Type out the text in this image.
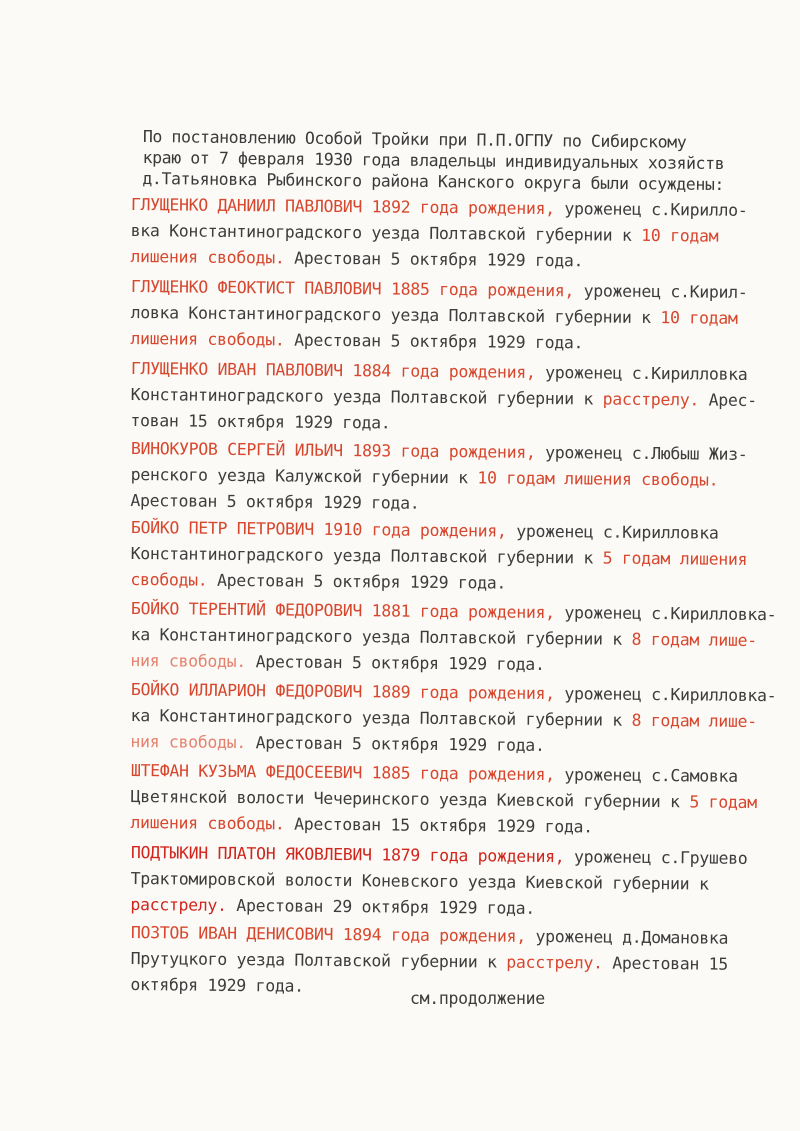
По постановлению Особой Тройки при П.П.ОГПУ по Сибирскому
краю от 7 февраля 1930 года владельцы индивидуальных хозяйств
д.Татьяновка Рыбинского района Канского округа были осуждены:
ГЛУЩЕНКО ДАНИИЛ ПАВЛОВИЧ 1892 года рождения, уроженец с.Кирилло-
вка Константиноградского уезда Полтавской губернии к 10 годам
лишения свободы. Арестован 5 октября 1929 года.
ГЛУЩЕНКО ФЕОКТИСТ ПАВЛОВИЧ 1885 года рождения, уроженец с.Кирил-
ловка Константиноградского уезда Полтавской губернии к 10 годам
лишения свободы. Арестован 5 октября 1929 года.
ГЛУЩЕНКО ИВАН ПАВЛОВИЧ 1884 года рождения, уроженец с.Кирилловка
Константиноградского уезда Полтавской губернии к расстрелу. Арес-
тован 15 октября 1929 года.
ВИНОКУРОВ СЕРГЕЙ ИЛЬИЧ 1893 года рождения, уроженец с.Любыш Жиз-
ренского уезда Калужской губернии к 10 годам лишения свободы.
Арестован 5 октября 1929 года.
БОЙКО ПЕТР ПЕТРОВИЧ 1910 года рождения, уроженец с.Кирилловка
Константиноградского уезда Полтавской губернии к 5 годам лишения
свободы. Арестован 5 октября 1929 года.
БОЙКО ТЕРЕНТИЙ ФЕДОРОВИЧ 1881 года рождения, уроженец с.Кирилловка-
ка Константиноградского уезда Полтавской губернии к 8 годам лише-
ния свободы. Арестован 5 октября 1929 года.
БОЙКО ИЛЛАРИОН ФЕДОРОВИЧ 1889 года рождения, уроженец с.Кирилловка-
ка Константиноградского уезда Полтавской губернии к 8 годам лише-
ния свободы. Арестован 5 октября 1929 года.
ШТЕФАН КУЗЬМА ФЕДОСЕЕВИЧ 1885 года рождения, уроженец с.Самовка
Цветянской волости Чечеринского уезда Киевской губернии к 5 годам
лишения свободы. Арестован 15 октября 1929 года.
ПОДТЫКИН ПЛАТОН ЯКОВЛЕВИЧ 1879 года рождения, уроженец с.Грушево
Трактомировской волости Коневского уезда Киевской губернии к
расстрелу. Арестован 29 октября 1929 года.
ПОЗТОБ ИВАН ДЕНИСОВИЧ 1894 года рождения, уроженец д.Домановка
Прутуцкого уезда Полтавской губернии к расстрелу. Арестован 15
октября 1929 года.
см.продолжение
